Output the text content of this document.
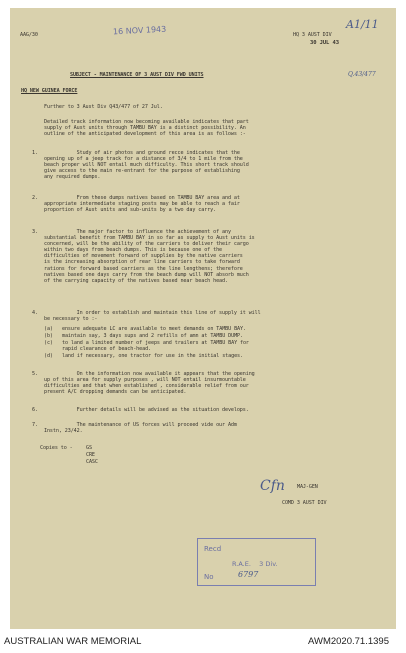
AAG/30	16 NOV 1943	A1/11
HQ 3 AUST DIV
30 JUL 43
Q.43/477
SUBJECT - MAINTENANCE OF 3 AUST DIV FWD UNITS
HQ NEW GUINEA FORCE
Further to 3 Aust Div Q43/477 of 27 Jul.
Detailed track information now becoming available indicates that part
supply of Aust units through TAMBU BAY is a distinct possibility. An
outline of the anticipated development of this area is as follows :-
1.	Study of air photos and ground recce indicates that the
opening up of a jeep track for a distance of 3/4 to 1 mile from the
beach proper will NOT entail much difficulty. This short track should
give access to the main re-entrant for the purpose of establishing
any required dumps.
2.	From these dumps natives based on TAMBU BAY area and at
appropriate intermediate staging posts may be able to reach a fair
proportion of Aust units and sub-units by a two day carry.
3.	The major factor to influence the achievement of any
substantial benefit from TAMBU BAY in so far as supply to Aust units is
concerned, will be the ability of the carriers to deliver their cargo
within two days from beach dumps. This is because one of the
difficulties of movement forward of supplies by the native carriers
is the increasing absorption of rear line carriers to take forward
rations for forward based carriers as the line lengthens; therefore
natives based one days carry from the beach dump will NOT absorb much
of the carrying capacity of the natives based near beach head.
4.	In order to establish and maintain this line of supply it will
be necessary to :-
(a) ensure adequate LC are available to meet demands on TAMBU BAY.
(b) maintain say, 3 days sups and 2 refills of amn at TAMBU DUMP.
(c) to land a limited number of jeeps and trailers at TAMBU BAY for
rapid clearance of beach-head.
(d) land if necessary, one tractor for use in the initial stages.
5.	On the information now available it appears that the opening
up of this area for supply purposes , will NOT entail insurmountable
difficulties and that when established , considerable relief from our
present A/C dropping demands can be anticipated.
6. Further details will be advised as the situation develops.
7.	The maintenance of US forces will proceed vide our Adm
Instn, 23/42.
Copies to -	GS
CRE
CASC
Cfn MAJ-GEN
COMD 3 AUST DIV
Recd
R.A.E.    3 Div.
No	6797
AUSTRALIAN WAR MEMORIAL	AWM2020.71.1395
